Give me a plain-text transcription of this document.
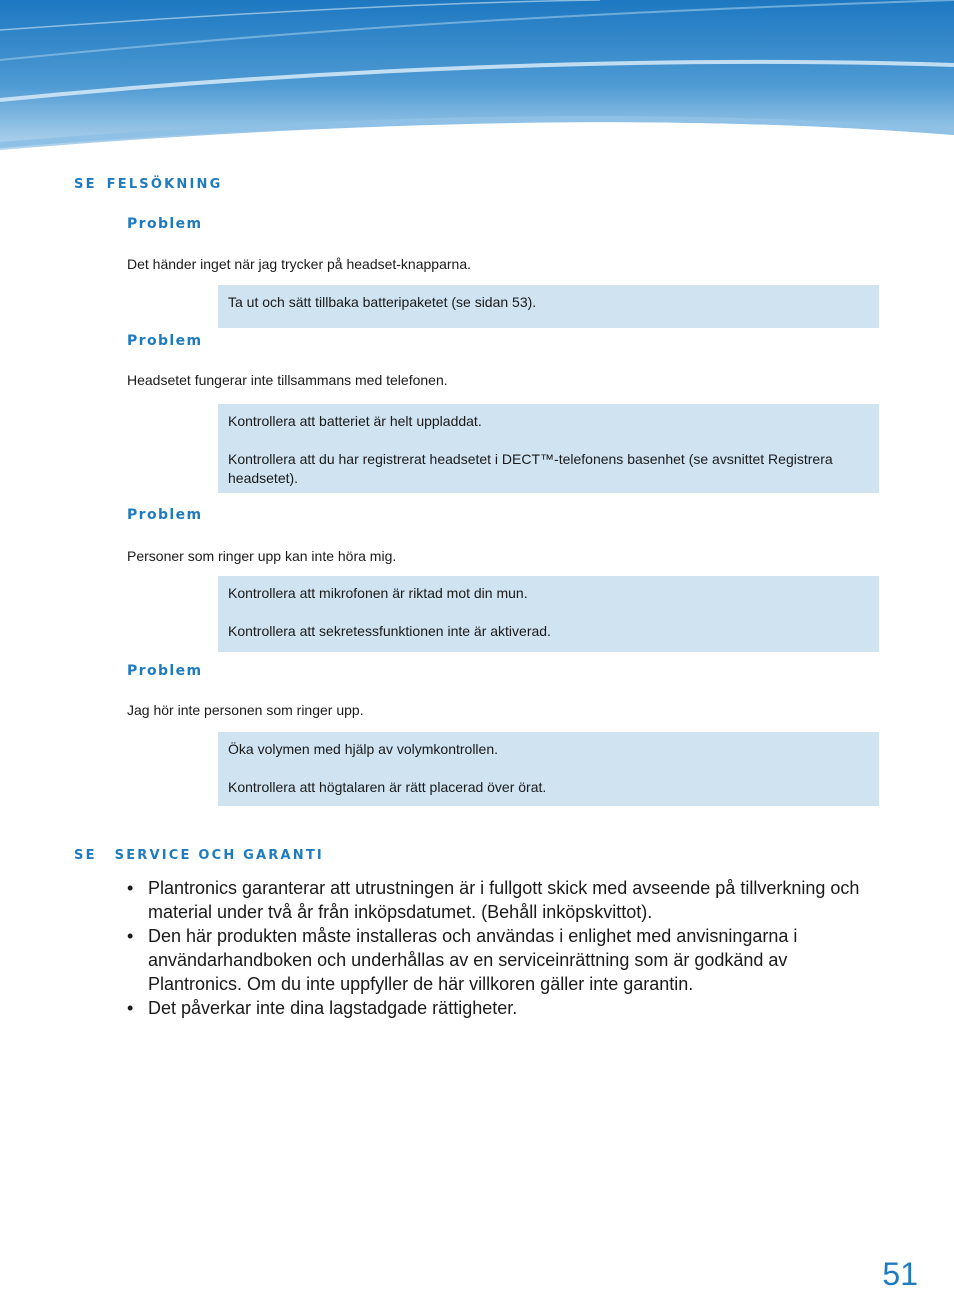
SE FELSÖKNING
Problem
Det händer inget när jag trycker på headset-knapparna.

Ta ut och sätt tillbaka batteripaketet (se sidan 53).

Problem
Headsetet fungerar inte tillsammans med telefonen.

Kontrollera att batteriet är helt uppladdat.

Kontrollera att du har registrerat headsetet i DECT™-telefonens basenhet (se avsnittet Registrera headsetet).

Problem
Personer som ringer upp kan inte höra mig.

Kontrollera att mikrofonen är riktad mot din mun.

Kontrollera att sekretessfunktionen inte är aktiverad.

Problem
Jag hör inte personen som ringer upp.

Öka volymen med hjälp av volymkontrollen.

Kontrollera att högtalaren är rätt placerad över örat.

SE SERVICE OCH GARANTI
• Plantronics garanterar att utrustningen är i fullgott skick med avseende på tillverkning och material under två år från inköpsdatumet. (Behåll inköpskvittot).
• Den här produkten måste installeras och användas i enlighet med anvisningarna i användarhandboken och underhållas av en serviceinrättning som är godkänd av Plantronics. Om du inte uppfyller de här villkoren gäller inte garantin.
• Det påverkar inte dina lagstadgade rättigheter.
51
